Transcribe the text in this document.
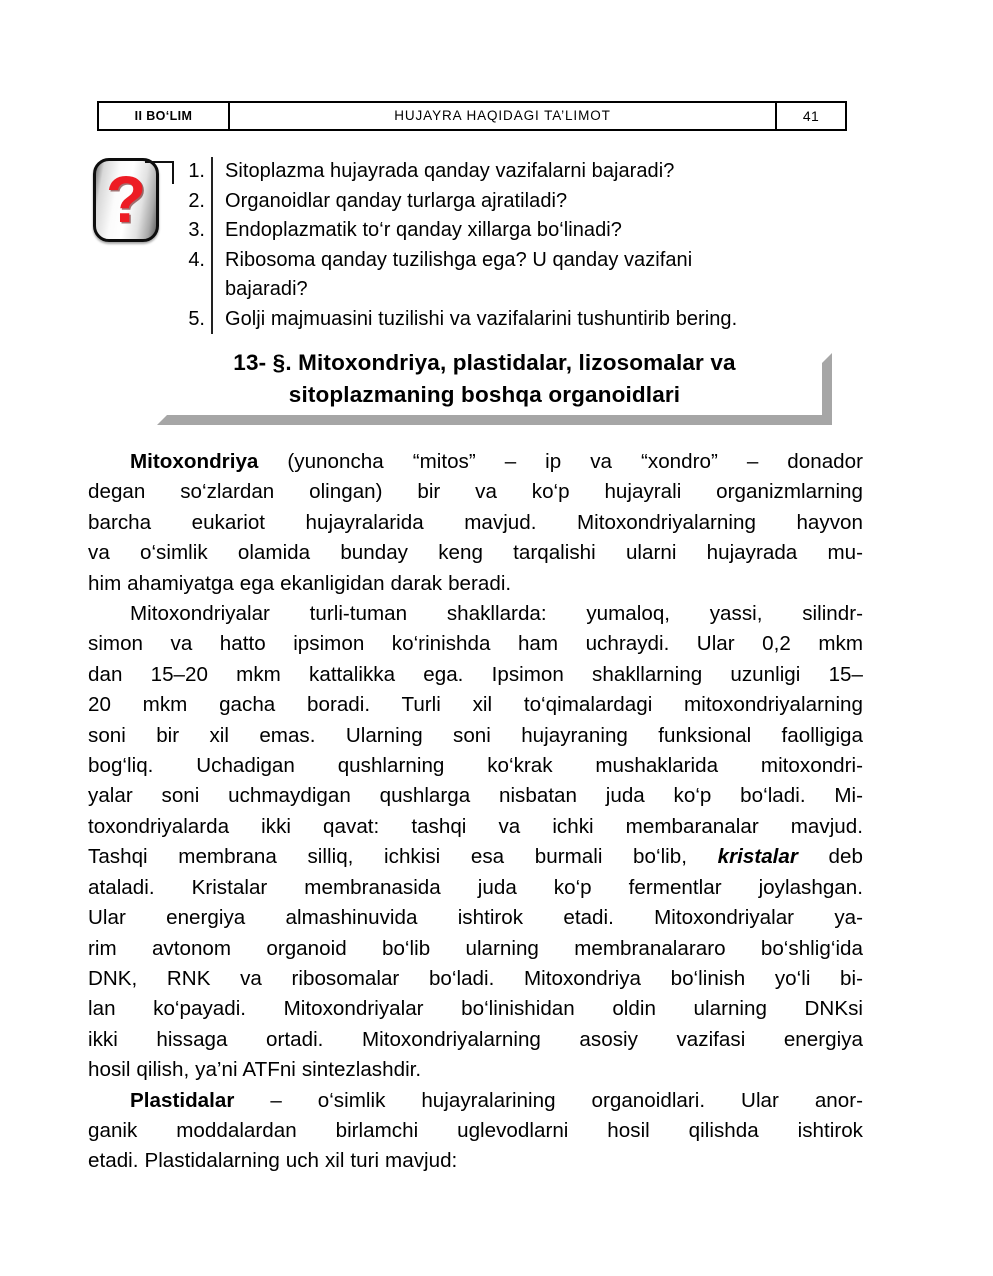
II BO‘LIM	HUJAYRA HAQIDAGI TA’LIMOT	41
?	1.	Sitoplazma hujayrada qanday vazifalarni bajaradi?
2.	Organoidlar qanday turlarga ajratiladi?
3.	Endoplazmatik to‘r qanday xillarga bo‘linadi?
4.	Ribosoma qanday tuzilishga ega? U qanday vazifani
bajaradi?
5.	Golji majmuasini tuzilishi va vazifalarini tushuntirib bering.
13- §. Mitoxondriya, plastidalar, lizosomalar va
sitoplazmaning boshqa organoidlari
Mitoxondriya (yunoncha “mitos” – ip va “xondro” – donador
degan so‘zlardan olingan) bir va ko‘p hujayrali organizmlarning
barcha eukariot hujayralarida mavjud. Mitoxondriyalarning hayvon
va o‘simlik olamida bunday keng tarqalishi ularni hujayrada mu-
him ahamiyatga ega ekanligidan darak beradi.
Mitoxondriyalar turli-tuman shakllarda: yumaloq, yassi, silindr-
simon va hatto ipsimon ko‘rinishda ham uchraydi. Ular 0,2 mkm
dan 15–20 mkm kattalikka ega. Ipsimon shakllarning uzunligi 15–
20 mkm gacha boradi. Turli xil to‘qimalardagi mitoxondriyalarning
soni bir xil emas. Ularning soni hujayraning funksional faolligiga
bog‘liq. Uchadigan qushlarning ko‘krak mushaklarida mitoxondri-
yalar soni uchmaydigan qushlarga nisbatan juda ko‘p bo‘ladi. Mi-
toxondriyalarda ikki qavat: tashqi va ichki membaranalar mavjud.
Tashqi membrana silliq, ichkisi esa burmali bo‘lib, kristalar deb
ataladi. Kristalar membranasida juda ko‘p fermentlar joylashgan.
Ular energiya almashinuvida ishtirok etadi. Mitoxondriyalar ya-
rim avtonom organoid bo‘lib ularning membranalararo bo‘shlig‘ida
DNK, RNK va ribosomalar bo‘ladi. Mitoxondriya bo‘linish yo‘li bi-
lan ko‘payadi. Mitoxondriyalar bo‘linishidan oldin ularning DNKsi
ikki hissaga ortadi. Mitoxondriyalarning asosiy vazifasi energiya
hosil qilish, ya’ni ATFni sintezlashdir.
Plastidalar – o‘simlik hujayralarining organoidlari. Ular anor-
ganik moddalardan birlamchi uglevodlarni hosil qilishda ishtirok
etadi. Plastidalarning uch xil turi mavjud:
